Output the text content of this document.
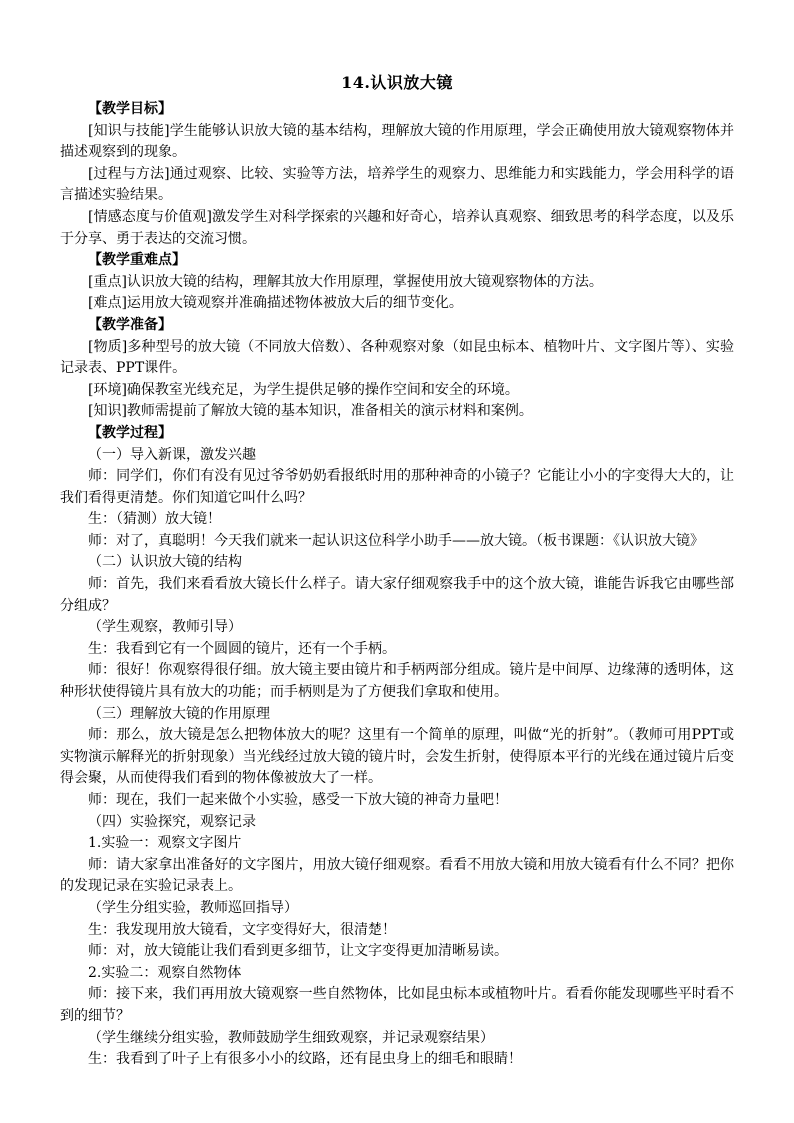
14.认识放大镜

【教学目标】

[知识与技能]学生能够认识放大镜的基本结构，理解放大镜的作用原理，学会正确使用放大镜观察物体并描述观察到的现象。

[过程与方法]通过观察、比较、实验等方法，培养学生的观察力、思维能力和实践能力，学会用科学的语言描述实验结果。

[情感态度与价值观]激发学生对科学探索的兴趣和好奇心，培养认真观察、细致思考的科学态度，以及乐于分享、勇于表达的交流习惯。

【教学重难点】

[重点]认识放大镜的结构，理解其放大作用原理，掌握使用放大镜观察物体的方法。

[难点]运用放大镜观察并准确描述物体被放大后的细节变化。

【教学准备】

[物质]多种型号的放大镜（不同放大倍数）、各种观察对象（如昆虫标本、植物叶片、文字图片等）、实验记录表、PPT课件。

[环境]确保教室光线充足，为学生提供足够的操作空间和安全的环境。

[知识]教师需提前了解放大镜的基本知识，准备相关的演示材料和案例。

【教学过程】

（一）导入新课，激发兴趣

师：同学们，你们有没有见过爷爷奶奶看报纸时用的那种神奇的小镜子？它能让小小的字变得大大的，让我们看得更清楚。你们知道它叫什么吗？

生：（猜测）放大镜！

师：对了，真聪明！今天我们就来一起认识这位科学小助手——放大镜。（板书课题：《认识放大镜》

（二）认识放大镜的结构

师：首先，我们来看看放大镜长什么样子。请大家仔细观察我手中的这个放大镜，谁能告诉我它由哪些部分组成？

（学生观察，教师引导）

生：我看到它有一个圆圆的镜片，还有一个手柄。

师：很好！你观察得很仔细。放大镜主要由镜片和手柄两部分组成。镜片是中间厚、边缘薄的透明体，这种形状使得镜片具有放大的功能；而手柄则是为了方便我们拿取和使用。

（三）理解放大镜的作用原理

师：那么，放大镜是怎么把物体放大的呢？这里有一个简单的原理，叫做“光的折射”。（教师可用PPT或实物演示解释光的折射现象）当光线经过放大镜的镜片时，会发生折射，使得原本平行的光线在通过镜片后变得会聚，从而使得我们看到的物体像被放大了一样。

师：现在，我们一起来做个小实验，感受一下放大镜的神奇力量吧！

（四）实验探究，观察记录

1.实验一：观察文字图片

师：请大家拿出准备好的文字图片，用放大镜仔细观察。看看不用放大镜和用放大镜看有什么不同？把你的发现记录在实验记录表上。

（学生分组实验，教师巡回指导）

生：我发现用放大镜看，文字变得好大，很清楚！

师：对，放大镜能让我们看到更多细节，让文字变得更加清晰易读。

2.实验二：观察自然物体

师：接下来，我们再用放大镜观察一些自然物体，比如昆虫标本或植物叶片。看看你能发现哪些平时看不到的细节？

（学生继续分组实验，教师鼓励学生细致观察，并记录观察结果）

生：我看到了叶子上有很多小小的纹路，还有昆虫身上的细毛和眼睛！
